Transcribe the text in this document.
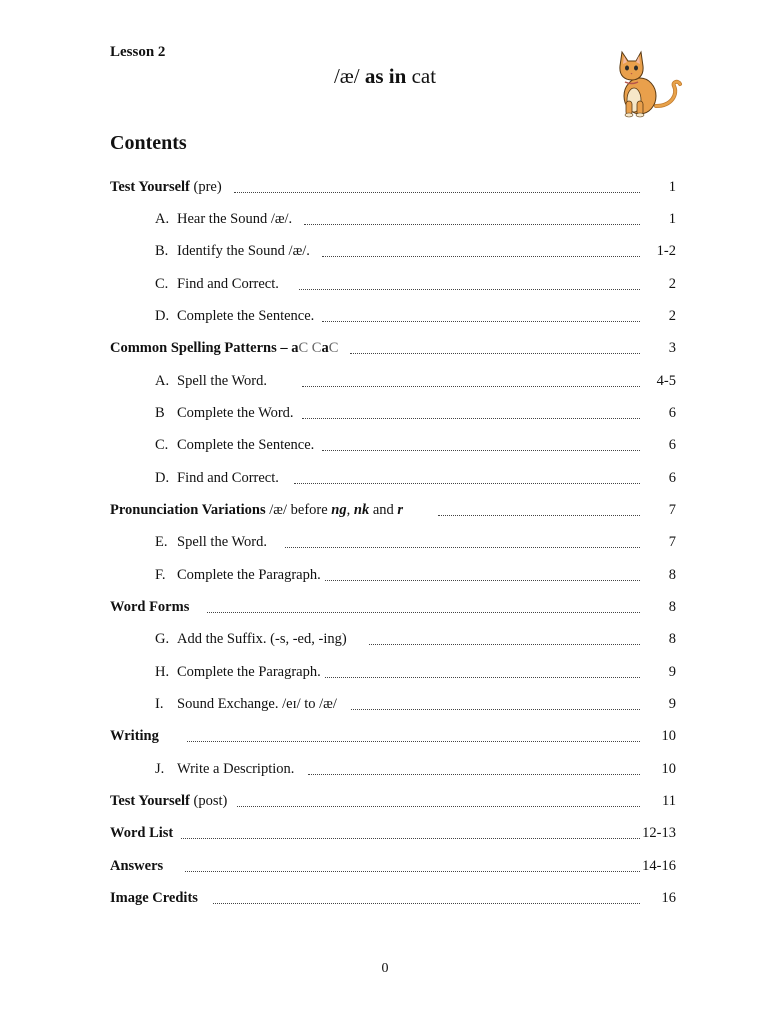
Lesson 2
/æ/ as in cat
Contents
Test Yourself (pre)	1
A. Hear the Sound /æ/.	1
B. Identify the Sound /æ/.	1-2
C. Find and Correct.	2
D. Complete the Sentence.	2
Common Spelling Patterns – aC CaC	3
A. Spell the Word.	4-5
B Complete the Word.	6
C. Complete the Sentence.	6
D. Find and Correct.	6
Pronunciation Variations /æ/ before ng, nk and r	7
E. Spell the Word.	7
F. Complete the Paragraph.	8
Word Forms	8
G. Add the Suffix. (-s, -ed, -ing)	8
H. Complete the Paragraph.	9
I. Sound Exchange. /eɪ/ to /æ/	9
Writing	10
J. Write a Description.	10
Test Yourself (post)	11
Word List	12-13
Answers	14-16
Image Credits	16
0
